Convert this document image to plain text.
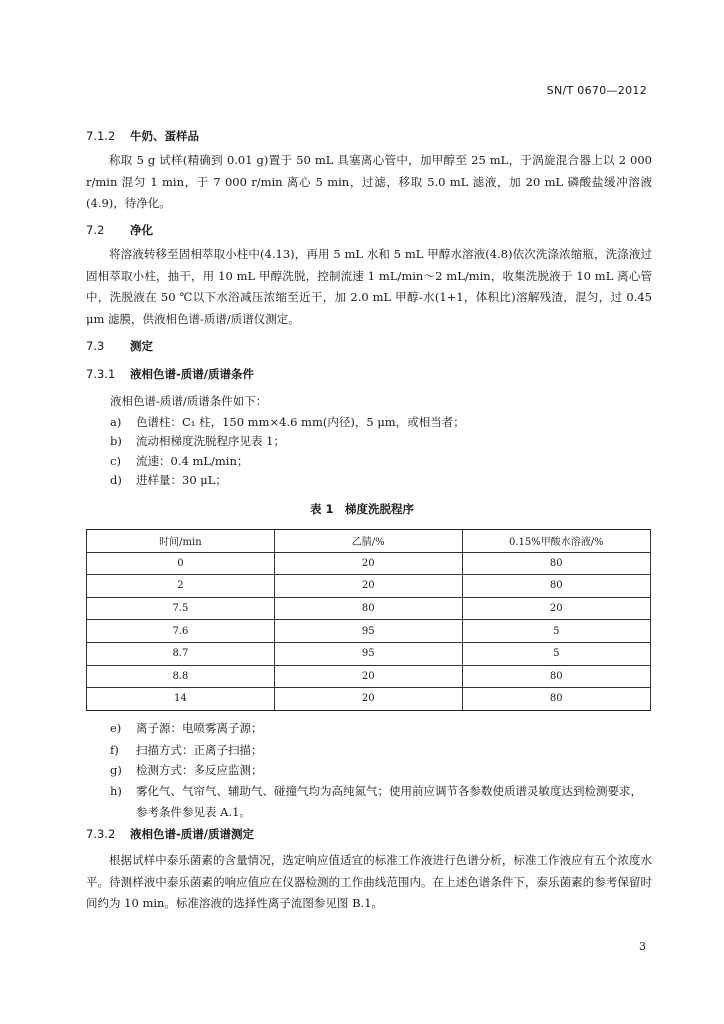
SN/T 0670—2012
7.1.2 牛奶、蛋样品
称取 5 g 试样(精确到 0.01 g)置于 50 mL 具塞离心管中，加甲醇至 25 mL，于涡旋混合器上以 2 000 r/min 混匀 1 min，于 7 000 r/min 离心 5 min，过滤，移取 5.0 mL 滤液，加 20 mL 磷酸盐缓冲溶液(4.9)，待净化。
7.2 净化
将溶液转移至固相萃取小柱中(4.13)，再用 5 mL 水和 5 mL 甲醇水溶液(4.8)依次洗涤浓缩瓶，洗涤液过固相萃取小柱，抽干，用 10 mL 甲醇洗脱，控制流速 1 mL/min～2 mL/min，收集洗脱液于 10 mL 离心管中，洗脱液在 50 ℃以下水浴减压浓缩至近干，加 2.0 mL 甲醇-水(1+1，体积比)溶解残渣，混匀，过 0.45 μm 滤膜，供液相色谱-质谱/质谱仪测定。
7.3 测定
7.3.1 液相色谱-质谱/质谱条件
液相色谱-质谱/质谱条件如下：
a) 色谱柱：C₁ 柱，150 mm×4.6 mm(内径)，5 μm，或相当者；
b) 流动相梯度洗脱程序见表 1；
c) 流速：0.4 mL/min；
d) 进样量：30 μL；
表 1　梯度洗脱程序
时间/min	乙腈/%	0.15%甲酸水溶液/%
0	20	80
2	20	80
7.5	80	20
7.6	95	5
8.7	95	5
8.8	20	80
14	20	80
e) 离子源：电喷雾离子源；
f) 扫描方式：正离子扫描；
g) 检测方式：多反应监测；
h) 雾化气、气帘气、辅助气、碰撞气均为高纯氮气；使用前应调节各参数使质谱灵敏度达到检测要求，参考条件参见表 A.1。
7.3.2 液相色谱-质谱/质谱测定
根据试样中泰乐菌素的含量情况，选定响应值适宜的标准工作液进行色谱分析，标准工作液应有五个浓度水平。待测样液中泰乐菌素的响应值应在仪器检测的工作曲线范围内。在上述色谱条件下，泰乐菌素的参考保留时间约为 10 min。标准溶液的选择性离子流图参见图 B.1。
3
